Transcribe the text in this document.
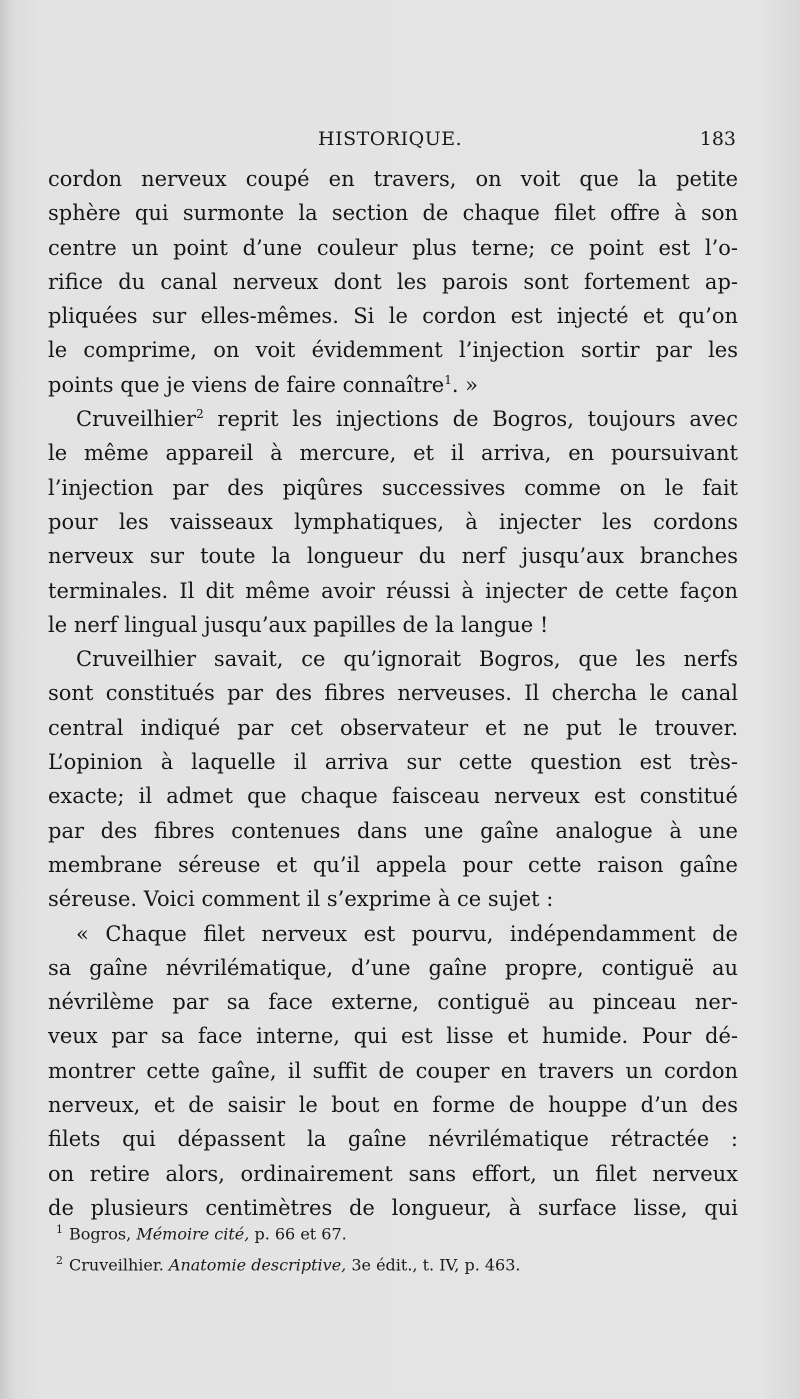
HISTORIQUE.	183
cordon nerveux coupé en travers, on voit que la petite
sphère qui surmonte la section de chaque filet offre à son
centre un point d’une couleur plus terne; ce point est l’o-
rifice du canal nerveux dont les parois sont fortement ap-
pliquées sur elles-mêmes. Si le cordon est injecté et qu’on
le comprime, on voit évidemment l’injection sortir par les
points que je viens de faire connaître$^1$. »
Cruveilhier$^2$ reprit les injections de Bogros, toujours avec
le même appareil à mercure, et il arriva, en poursuivant
l’injection par des piqûres successives comme on le fait
pour les vaisseaux lymphatiques, à injecter les cordons
nerveux sur toute la longueur du nerf jusqu’aux branches
terminales. Il dit même avoir réussi à injecter de cette façon
le nerf lingual jusqu’aux papilles de la langue !
Cruveilhier savait, ce qu’ignorait Bogros, que les nerfs
sont constitués par des fibres nerveuses. Il chercha le canal
central indiqué par cet observateur et ne put le trouver.
L’opinion à laquelle il arriva sur cette question est très-
exacte; il admet que chaque faisceau nerveux est constitué
par des fibres contenues dans une gaîne analogue à une
membrane séreuse et qu’il appela pour cette raison gaîne
séreuse. Voici comment il s’exprime à ce sujet :
« Chaque filet nerveux est pourvu, indépendamment de
sa gaîne névrilématique, d’une gaîne propre, contiguë au
névrilème par sa face externe, contiguë au pinceau ner-
veux par sa face interne, qui est lisse et humide. Pour dé-
montrer cette gaîne, il suffit de couper en travers un cordon
nerveux, et de saisir le bout en forme de houppe d’un des
filets qui dépassent la gaîne névrilématique rétractée :
on retire alors, ordinairement sans effort, un filet nerveux
de plusieurs centimètres de longueur, à surface lisse, qui
$^1$ Bogros, Mémoire cité, p. 66 et 67.
$^2$ Cruveilhier. Anatomie descriptive, 3e édit., t. IV, p. 463.
